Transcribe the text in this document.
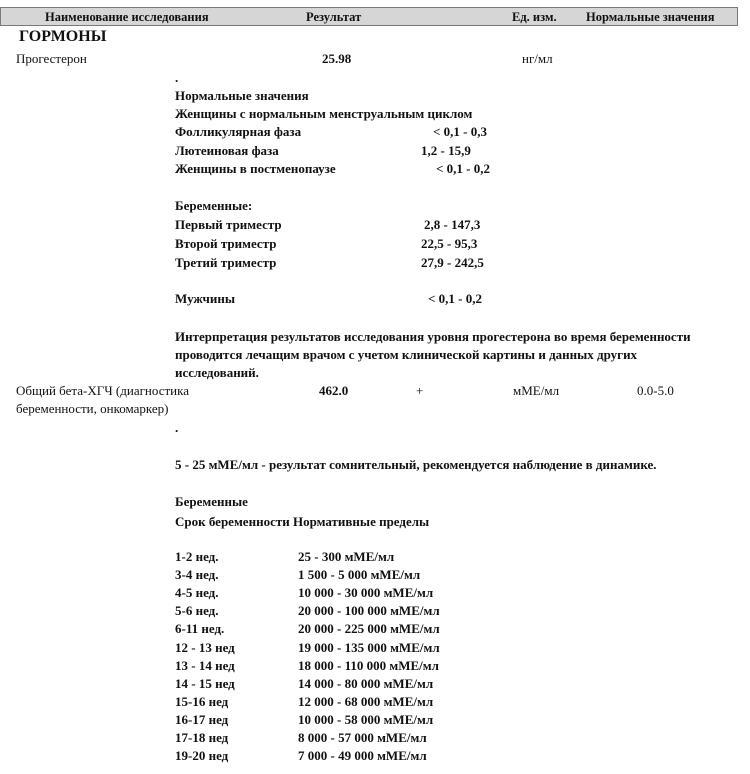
Наименование исследования	Результат	Ед. изм. Нормальные значения
ГОРМОНЫ
Прогестерон	25.98	нг/мл
.
Нормальные значения
Женщины с нормальным менструальным циклом
Фолликулярная фаза	< 0,1 - 0,3
Лютеиновая фаза	1,2 - 15,9
Женщины в постменопаузе	< 0,1 - 0,2
Беременные:
Первый триместр	2,8 - 147,3
Второй триместр	22,5 - 95,3
Третий триместр	27,9 - 242,5
Мужчины	< 0,1 - 0,2
Интерпретация результатов исследования уровня прогестерона во время беременности проводится лечащим врачом с учетом клинической картины и данных других исследований.
Общий бета-ХГЧ (диагностика
беременности, онкомаркер)
462.0	+	мМЕ/мл	0.0-5.0
.
5 - 25 мМЕ/мл - результат сомнительный, рекомендуется наблюдение в динамике.
Беременные
Срок беременности Нормативные пределы
1-2 нед.	25 - 300 мМЕ/мл
3-4 нед.	1 500 - 5 000 мМЕ/мл
4-5 нед.	10 000 - 30 000 мМЕ/мл
5-6 нед.	20 000 - 100 000 мМЕ/мл
6-11 нед.	20 000 - 225 000 мМЕ/мл
12 - 13 нед	19 000 - 135 000 мМЕ/мл
13 - 14 нед	18 000 - 110 000 мМЕ/мл
14 - 15 нед	14 000 - 80 000 мМЕ/мл
15-16 нед	12 000 - 68 000 мМЕ/мл
16-17 нед	10 000 - 58 000 мМЕ/мл
17-18 нед	8 000 - 57 000 мМЕ/мл
19-20 нед	7 000 - 49 000 мМЕ/мл
